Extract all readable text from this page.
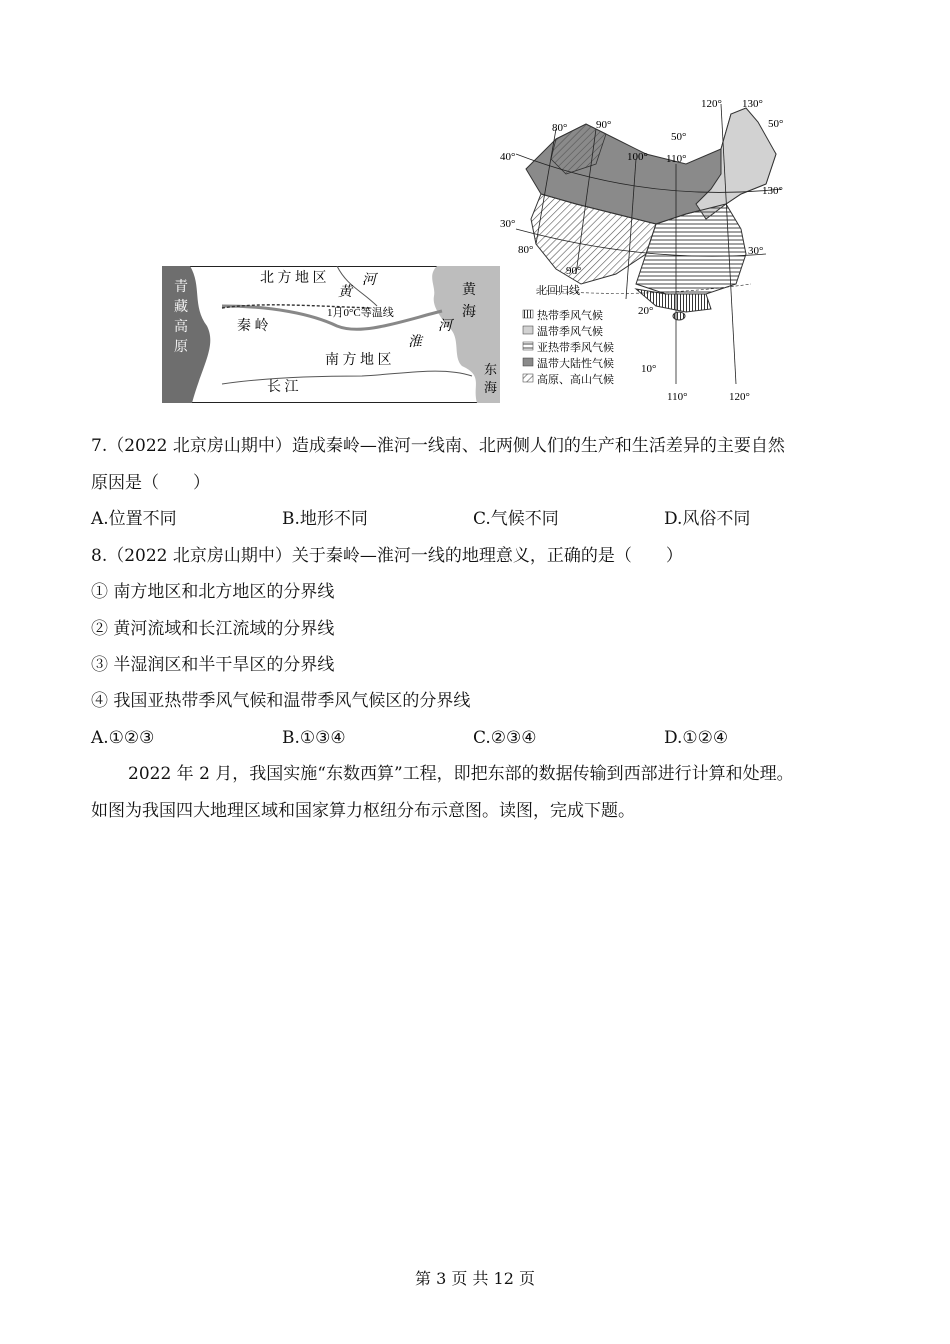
青藏高原
北 方 地 区	河
黄	黄海
1月0°C等温线
秦 岭	河
淮
南 方 地 区
长 江
东海
120° 130°
80°	90°
50°
50°
100° 110°
40°
130°
30°
80°	30°
90°
北回归线
20°
10°
110°	120°
热带季风气候
温带季风气候
亚热带季风气候
温带大陆性气候
高原、高山气候
7.（2022 北京房山期中）造成秦岭—淮河一线南、北两侧人们的生产和生活差异的主要自然
原因是（　　）
A.位置不同	B.地形不同	C.气候不同	D.风俗不同
8.（2022 北京房山期中）关于秦岭—淮河一线的地理意义，正确的是（　　）
① 南方地区和北方地区的分界线
② 黄河流域和长江流域的分界线
③ 半湿润区和半干旱区的分界线
④ 我国亚热带季风气候和温带季风气候区的分界线
A.①②③	B.①③④	C.②③④	D.①②④
2022 年 2 月，我国实施“东数西算”工程，即把东部的数据传输到西部进行计算和处理。
如图为我国四大地理区域和国家算力枢纽分布示意图。读图，完成下题。
第 3 页 共 12 页
